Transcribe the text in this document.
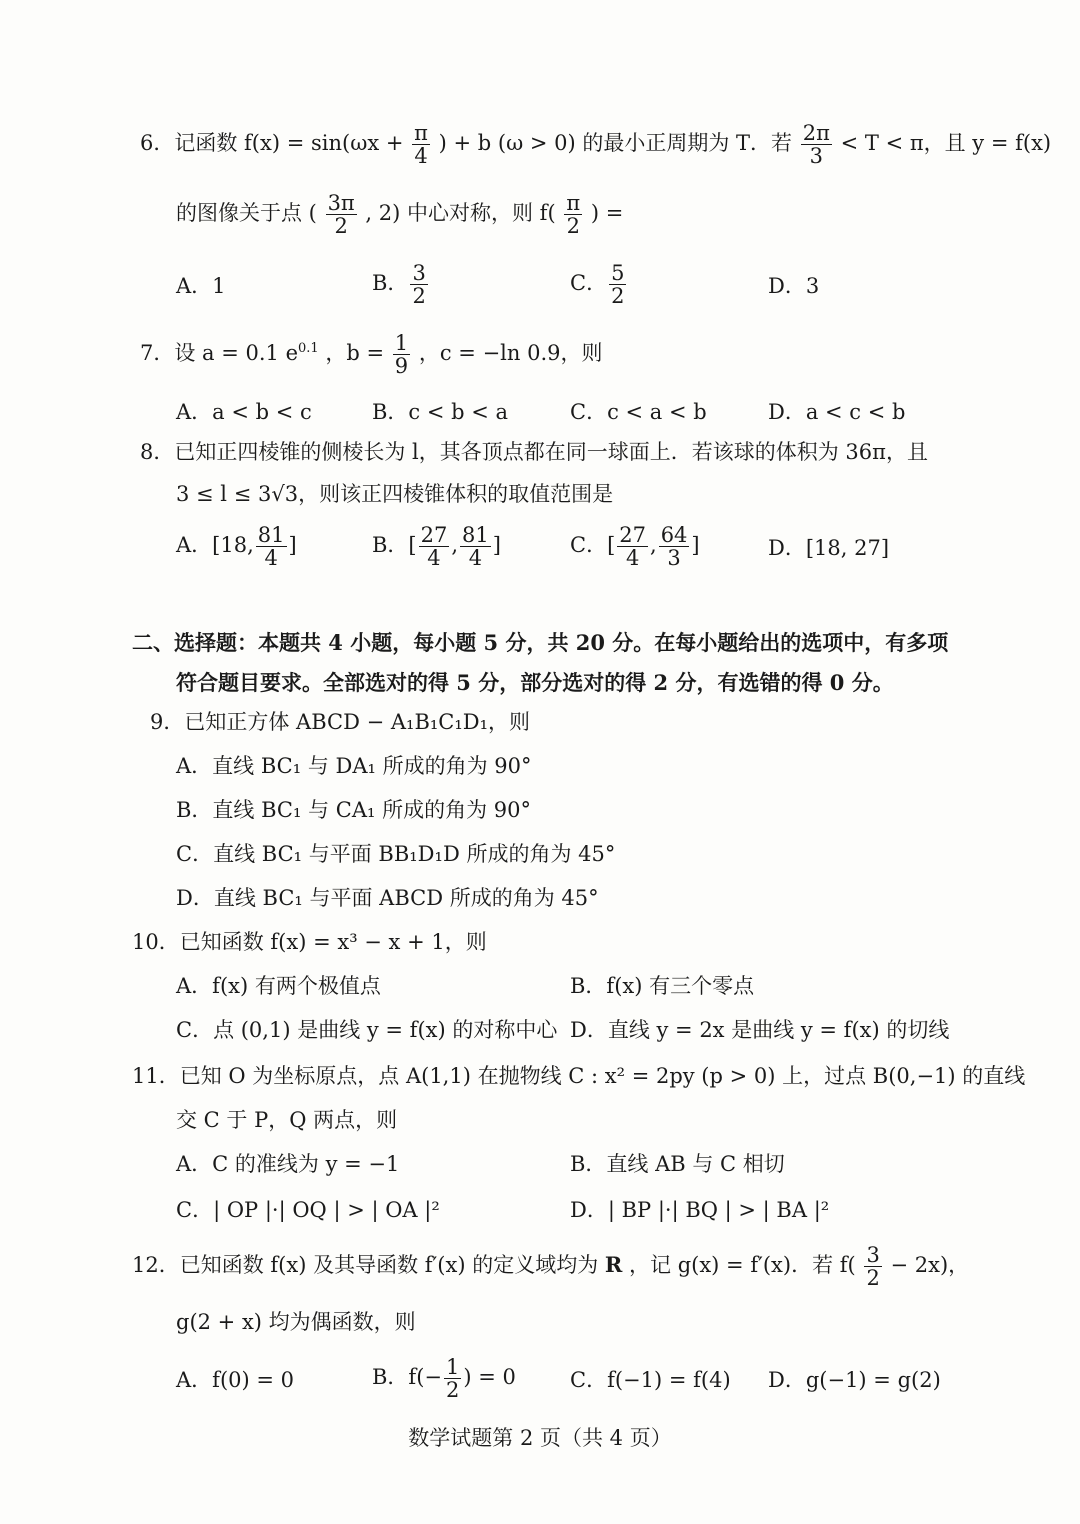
6．记函数 $f(x) = \sin(\omega x + \frac{\pi}{4}$ ) + b (ω > 0) 的最小正周期为 T．若 $\frac{2\pi}{3} < T < \pi$，且 y = f(x)
的图像关于点 ( $\frac{3\pi}{2}$ , 2) 中心对称，则 $f( \frac{\pi}{2}$ ) =
A．1	B． $\frac{3}{2}$	C． $\frac{5}{2}$	D．3
7．设 a = 0.1 $e^{0.1}$ ，$b = \frac{1}{9}$ ，c = −ln 0.9，则
A．a < b < c	B．c < b < a	C．c < a < b	D．a < c < b
8．已知正四棱锥的侧棱长为 l，其各顶点都在同一球面上．若该球的体积为 36π，且
3 ≤ l ≤ 3√3，则该正四棱锥体积的取值范围是
A．[18, $\frac{81}{4}$ ]	B．[ $\frac{27}{4}$ , $\frac{81}{4}$ ]	C．[ $\frac{27}{4}$ , $\frac{64}{3}$ ]	D．[18, 27]
二、选择题：本题共 4 小题，每小题 5 分，共 20 分。在每小题给出的选项中，有多项
符合题目要求。全部选对的得 5 分，部分选对的得 2 分，有选错的得 0 分。
9．已知正方体 ABCD − A₁B₁C₁D₁，则
A．直线 BC₁ 与 DA₁ 所成的角为 90°
B．直线 BC₁ 与 CA₁ 所成的角为 90°
C．直线 BC₁ 与平面 BB₁D₁D 所成的角为 45°
D．直线 BC₁ 与平面 ABCD 所成的角为 45°
10．已知函数 f(x) = x³ − x + 1，则
A．f(x) 有两个极值点	B．f(x) 有三个零点
C．点 (0,1) 是曲线 y = f(x) 的对称中心 D．直线 y = 2x 是曲线 y = f(x) 的切线
11．已知 O 为坐标原点，点 A(1,1) 在抛物线 C : x² = 2py (p > 0) 上，过点 B(0,−1) 的直线
交 C 于 P，Q 两点，则
A．C 的准线为 y = −1	B．直线 AB 与 C 相切
C．| OP |·| OQ | > | OA |²	D．| BP |·| BQ | > | BA |²
12．已知函数 f(x) 及其导函数 f′(x) 的定义域均为 R ，记 g(x) = f′(x)．若 $f( \frac{3}{2} - 2x)$，
g(2 + x) 均为偶函数，则
A．f(0) = 0	B．$f(- \frac{1}{2}$ ) = 0	C．f(−1) = f(4) D．g(−1) = g(2)
数学试题第 2 页（共 4 页）
